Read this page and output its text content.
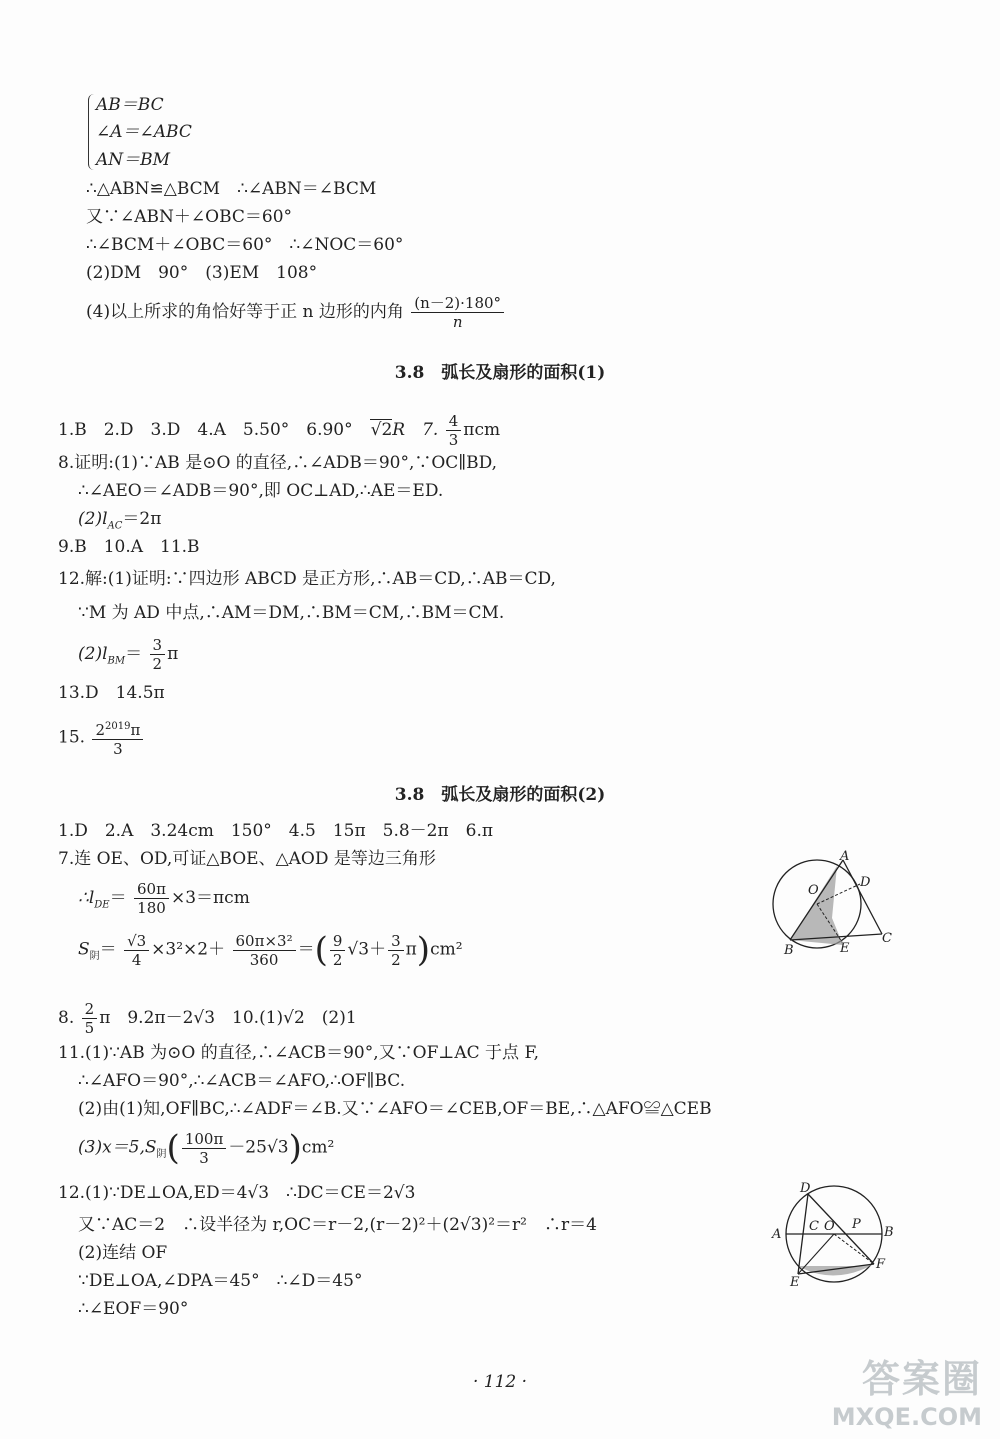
AB＝BC
∠A＝∠ABC
AN＝BM
∴△ABN≌△BCM　∴∠ABN＝∠BCM
又∵∠ABN＋∠OBC＝60°
∴∠BCM＋∠OBC＝60°　∴∠NOC＝60°
(2)DM　90°　(3)EM　108°
(4)以上所求的角恰好等于正 n 边形的内角 $\frac{(n-2)\cdot 180^\circ}{n}$
3.8　弧长及扇形的面积(1)
1.B　2.D　3.D　4.A　5.50°　6.90°　√2R　7. $\frac{4}{3}$ πcm
8.证明:(1)∵AB 是⊙O 的直径,∴∠ADB＝90°,∵OC∥BD,
∴∠AEO＝∠ADB＝90°,即 OC⊥AD,∴AE＝ED.
$(2)l_{AC}=2\pi$
9.B　10.A　11.B
12.解:(1)证明:∵四边形 ABCD 是正方形,∴AB＝CD,∴AB＝CD,
∵M 为 AD 中点,∴AM＝DM,∴BM＝CM,∴BM＝CM.
$(2)l_{BM}= \frac{3}{2}$ π
13.D　14.5π
15. $\frac{2^{2019}\pi}{3}$
3.8　弧长及扇形的面积(2)
1.D　2.A　3.24cm　150°　4.5　15π　5.8－2π　6.π
7.连 OE、OD,可证△BOE、△AOD 是等边三角形
$\therefore l_{DE}= \frac{60\pi}{180} \times 3=\pi cm$
$S_阴= \frac{√3}{4} \times 3^2\times 2+ \frac{\text{60π×3²}}{360}$ ＝( $\frac{9}{2} √3+ \frac{3}{2} \pi)cm^2$
8. $\frac{2}{5}$ π　9.2π－2√3　10.(1)√2　(2)1
11.(1)∵AB 为⊙O 的直径,∴∠ACB＝90°,又∵OF⊥AC 于点 F,
∴∠AFO＝90°,∴∠ACB＝∠AFO,∴OF∥BC.
(2)由(1)知,OF∥BC,∴∠ADF＝∠B.又∵∠AFO＝∠CEB,OF＝BE,∴△AFO≌△CEB
$(3)x=5,S_阴( \frac{100\pi}{3} -25√3)cm^2$
12.(1)∵DE⊥OA,ED＝4√3　∴DC＝CE＝2√3
又∵AC＝2　∴设半径为 r,OC＝r－2,(r－2)²＋(2√3)²＝r²　∴r＝4
(2)连结 OF
∵DE⊥OA,∠DPA＝45°　∴∠D＝45°
∴∠EOF＝90°
A
O
D
B	E
C
D
A
C O P
B
E
F
· 112 ·	答案圈
MXQE.COM
